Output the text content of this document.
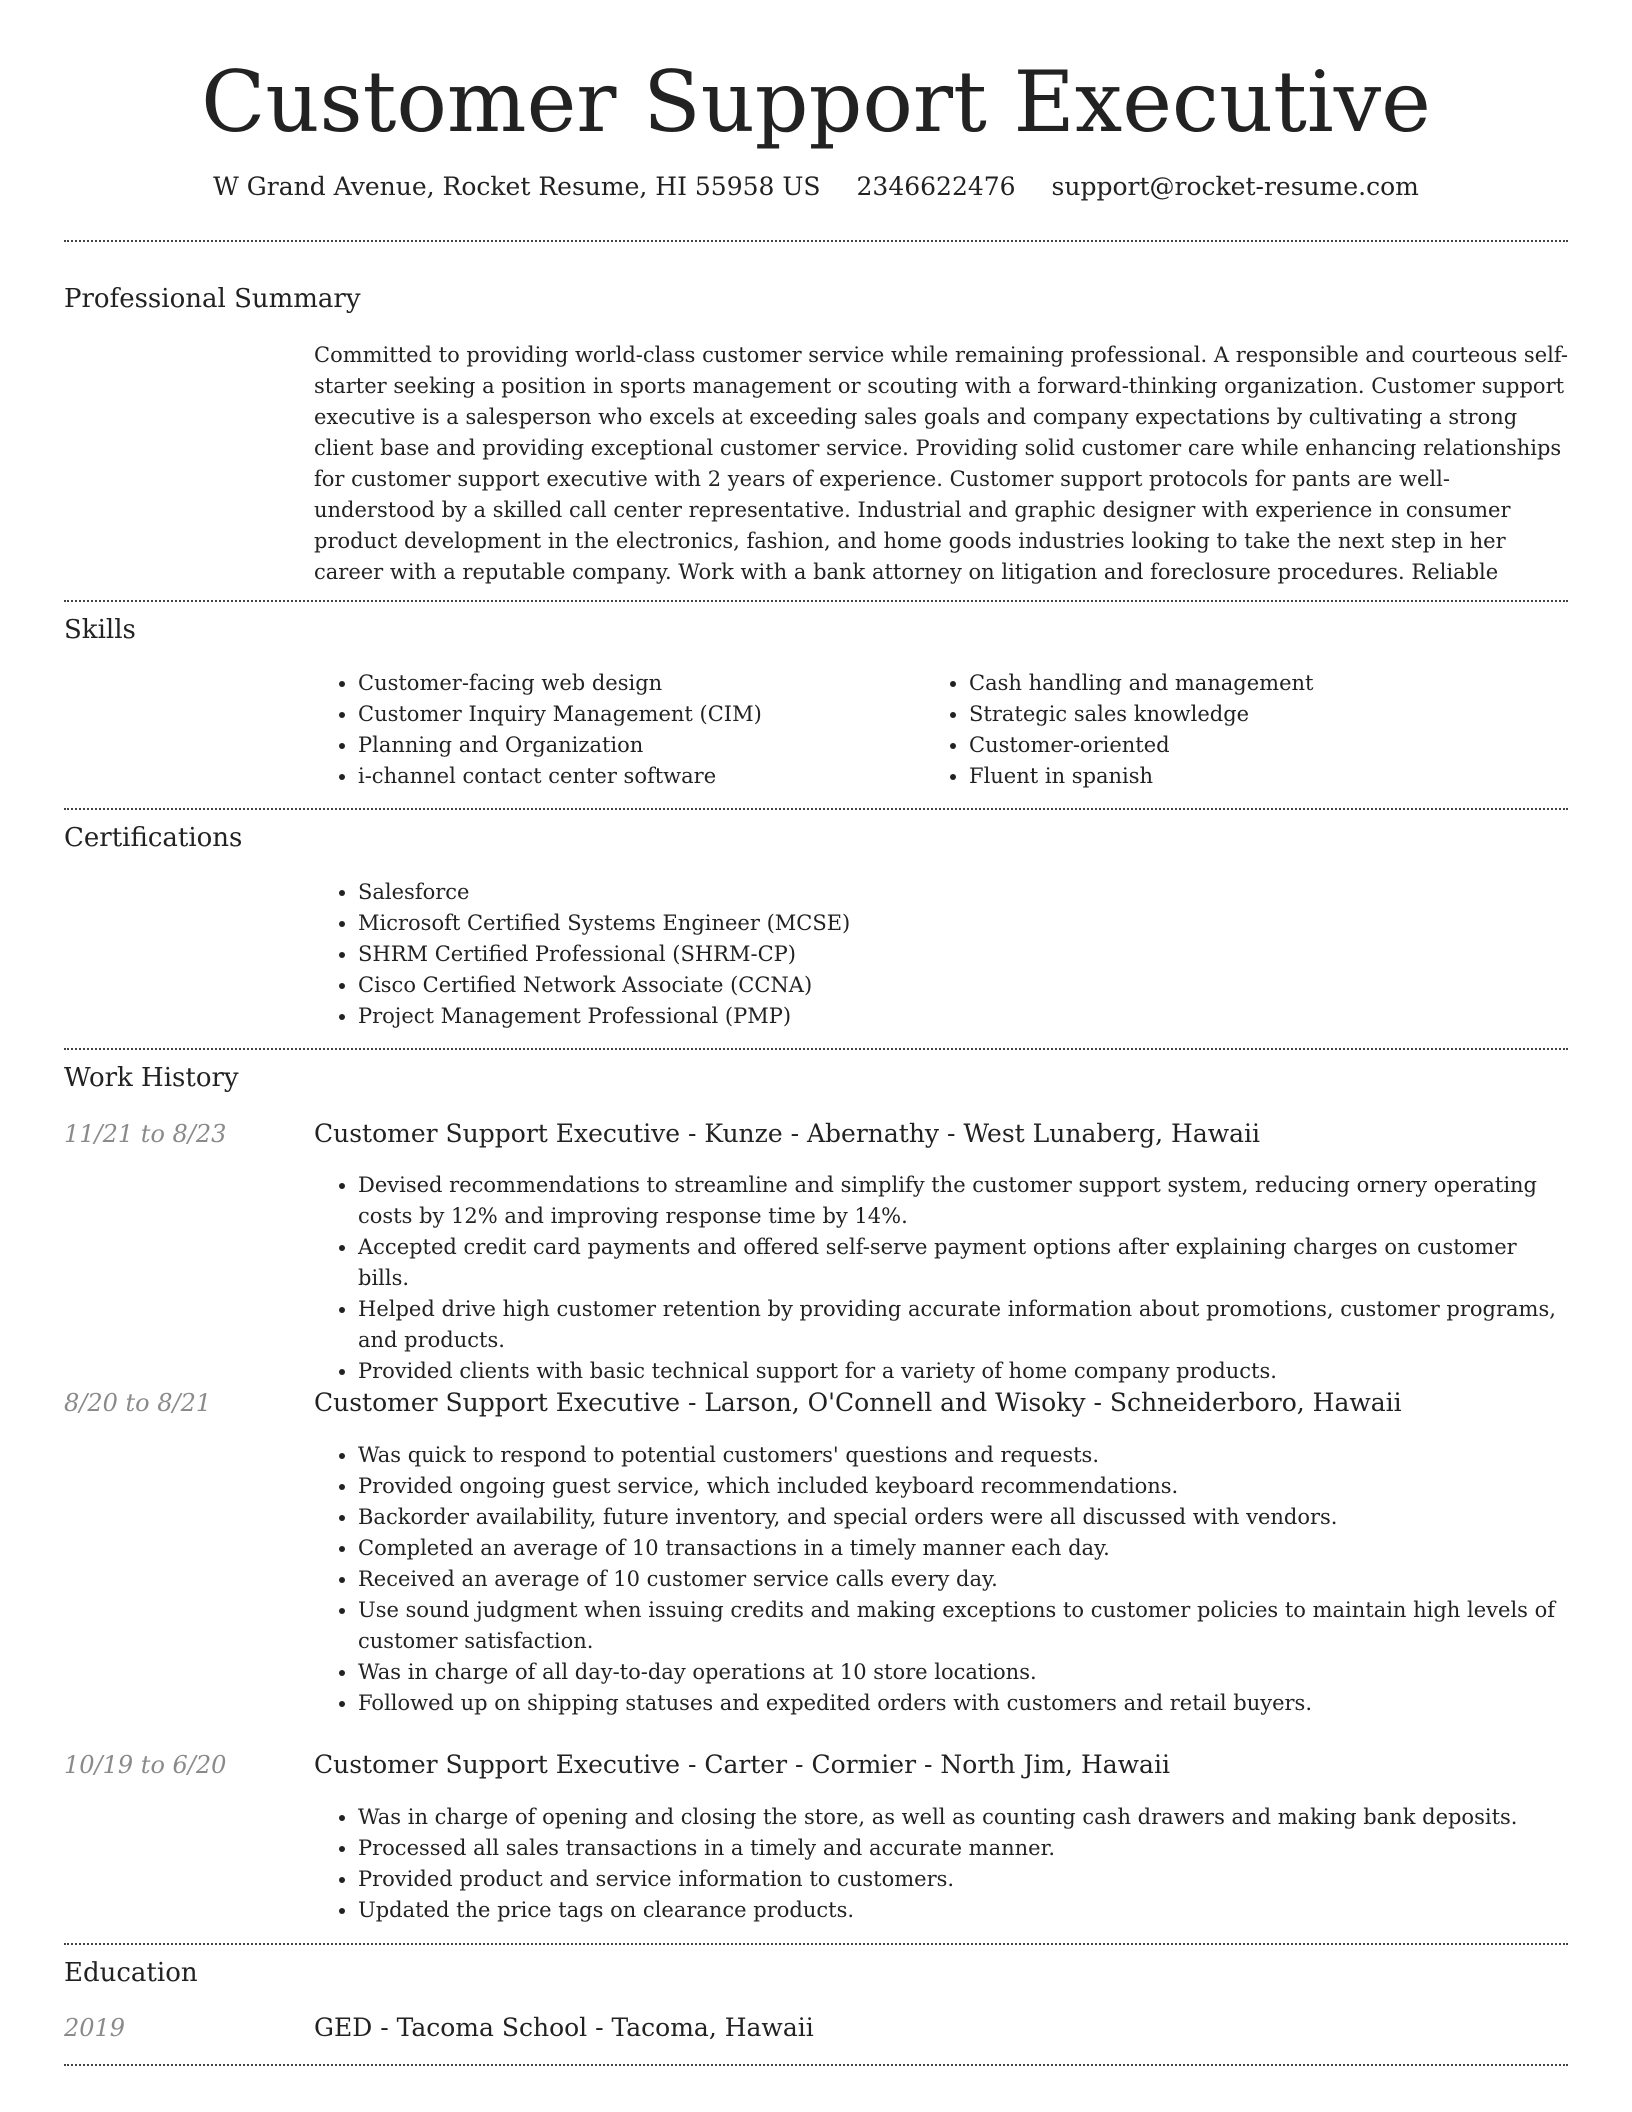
Customer Support Executive
W Grand Avenue, Rocket Resume, HI 55958 US 2346622476 support@rocket-resume.com
Professional Summary

Committed to providing world-class customer service while remaining professional. A responsible and courteous self-starter seeking a position in sports management or scouting with a forward-thinking organization. Customer support executive is a salesperson who excels at exceeding sales goals and company expectations by cultivating a strong client base and providing exceptional customer service. Providing solid customer care while enhancing relationships for customer support executive with 2 years of experience. Customer support protocols for pants are well-understood by a skilled call center representative. Industrial and graphic designer with experience in consumer product development in the electronics, fashion, and home goods industries looking to take the next step in her career with a reputable company. Work with a bank attorney on litigation and foreclosure procedures. Reliable

Skills
• Customer-facing web design
• Customer Inquiry Management (CIM)
• Planning and Organization
• i-channel contact center software
• Cash handling and management
• Strategic sales knowledge
• Customer-oriented
• Fluent in spanish
Certifications
• Salesforce
• Microsoft Certified Systems Engineer (MCSE)
• SHRM Certified Professional (SHRM-CP)
• Cisco Certified Network Associate (CCNA)
• Project Management Professional (PMP)
Work History
11/21 to 8/23	Customer Support Executive - Kunze - Abernathy - West Lunaberg, Hawaii
• Devised recommendations to streamline and simplify the customer support system, reducing ornery operating costs by 12% and improving response time by 14%.
• Accepted credit card payments and offered self-serve payment options after explaining charges on customer bills.
• Helped drive high customer retention by providing accurate information about promotions, customer programs, and products.
• Provided clients with basic technical support for a variety of home company products.
8/20 to 8/21	Customer Support Executive - Larson, O'Connell and Wisoky - Schneiderboro, Hawaii
• Was quick to respond to potential customers' questions and requests.
• Provided ongoing guest service, which included keyboard recommendations.
• Backorder availability, future inventory, and special orders were all discussed with vendors.
• Completed an average of 10 transactions in a timely manner each day.
• Received an average of 10 customer service calls every day.
• Use sound judgment when issuing credits and making exceptions to customer policies to maintain high levels of customer satisfaction.
• Was in charge of all day-to-day operations at 10 store locations.
• Followed up on shipping statuses and expedited orders with customers and retail buyers.
10/19 to 6/20	Customer Support Executive - Carter - Cormier - North Jim, Hawaii
• Was in charge of opening and closing the store, as well as counting cash drawers and making bank deposits.
• Processed all sales transactions in a timely and accurate manner.
• Provided product and service information to customers.
• Updated the price tags on clearance products.
Education
2019	GED - Tacoma School - Tacoma, Hawaii
